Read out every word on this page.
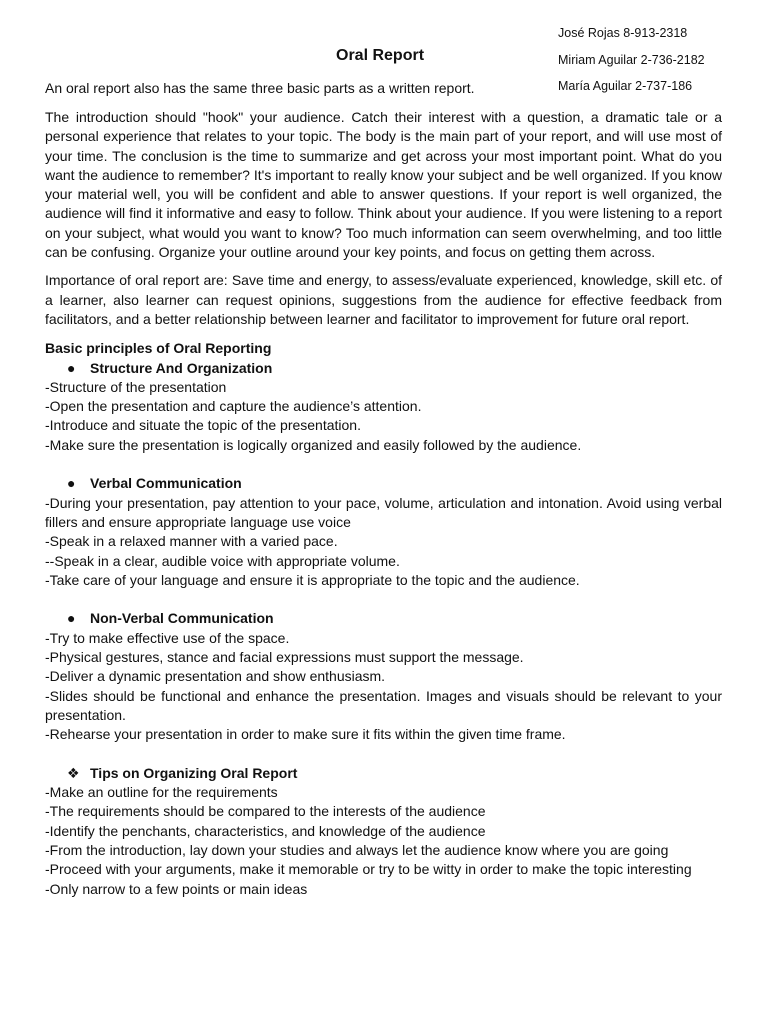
José Rojas 8-913-2318
Miriam Aguilar 2-736-2182
María Aguilar 2-737-186
Oral Report
An oral report also has the same three basic parts as a written report.

The introduction should "hook" your audience. Catch their interest with a question, a dramatic tale or a personal experience that relates to your topic. The body is the main part of your report, and will use most of your time. The conclusion is the time to summarize and get across your most important point. What do you want the audience to remember? It's important to really know your subject and be well organized. If you know your material well, you will be confident and able to answer questions. If your report is well organized, the audience will find it informative and easy to follow. Think about your audience. If you were listening to a report on your subject, what would you want to know? Too much information can seem overwhelming, and too little can be confusing. Organize your outline around your key points, and focus on getting them across.

Importance of oral report are: Save time and energy, to assess/evaluate experienced, knowledge, skill etc. of a learner, also learner can request opinions, suggestions from the audience for effective feedback from facilitators, and a better relationship between learner and facilitator to improvement for future oral report.

Basic principles of Oral Reporting
● Structure And Organization
-Structure of the presentation
-Open the presentation and capture the audience’s attention.
-Introduce and situate the topic of the presentation.
-Make sure the presentation is logically organized and easily followed by the audience.
● Verbal Communication
-During your presentation, pay attention to your pace, volume, articulation and intonation. Avoid using verbal fillers and ensure appropriate language use voice
-Speak in a relaxed manner with a varied pace.
--Speak in a clear, audible voice with appropriate volume.
-Take care of your language and ensure it is appropriate to the topic and the audience.
● Non-Verbal Communication
-Try to make effective use of the space.
-Physical gestures, stance and facial expressions must support the message.
-Deliver a dynamic presentation and show enthusiasm.
-Slides should be functional and enhance the presentation. Images and visuals should be relevant to your presentation.
-Rehearse your presentation in order to make sure it fits within the given time frame.
❖ Tips on Organizing Oral Report
-Make an outline for the requirements
-The requirements should be compared to the interests of the audience
-Identify the penchants, characteristics, and knowledge of the audience
-From the introduction, lay down your studies and always let the audience know where you are going
-Proceed with your arguments, make it memorable or try to be witty in order to make the topic interesting
-Only narrow to a few points or main ideas
